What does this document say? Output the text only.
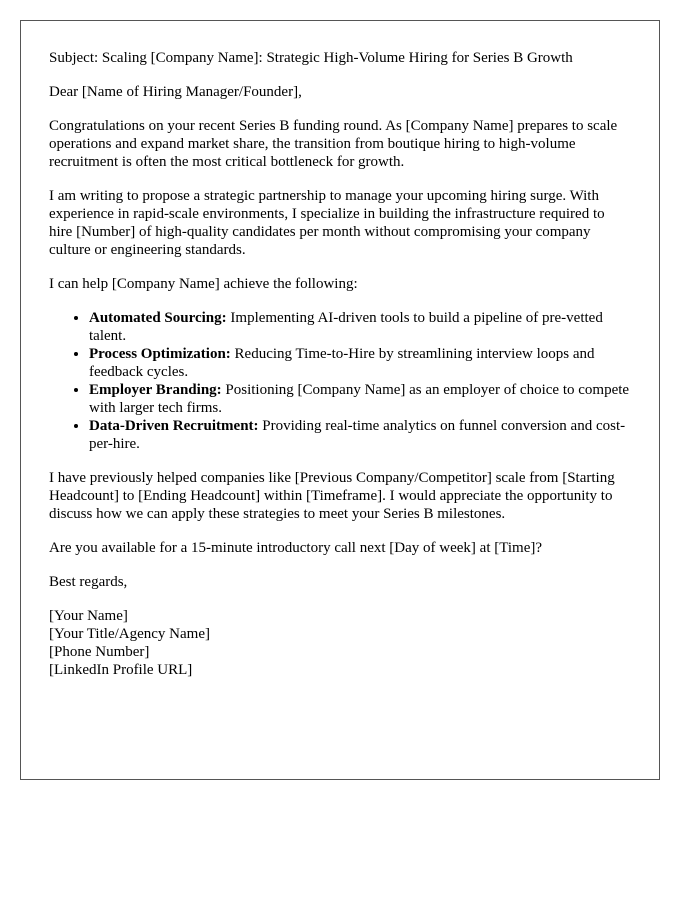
Subject: Scaling [Company Name]: Strategic High-Volume Hiring for Series B Growth

Dear [Name of Hiring Manager/Founder],

Congratulations on your recent Series B funding round. As [Company Name] prepares to scale operations and expand market share, the transition from boutique hiring to high-volume recruitment is often the most critical bottleneck for growth.

I am writing to propose a strategic partnership to manage your upcoming hiring surge. With experience in rapid-scale environments, I specialize in building the infrastructure required to hire [Number] of high-quality candidates per month without compromising your company culture or engineering standards.

I can help [Company Name] achieve the following:

• Automated Sourcing: Implementing AI-driven tools to build a pipeline of pre-vetted talent.
• Process Optimization: Reducing Time-to-Hire by streamlining interview loops and feedback cycles.
• Employer Branding: Positioning [Company Name] as an employer of choice to compete with larger tech firms.
• Data-Driven Recruitment: Providing real-time analytics on funnel conversion and cost-per-hire.

I have previously helped companies like [Previous Company/Competitor] scale from [Starting Headcount] to [Ending Headcount] within [Timeframe]. I would appreciate the opportunity to discuss how we can apply these strategies to meet your Series B milestones.

Are you available for a 15-minute introductory call next [Day of week] at [Time]?

Best regards,

[Your Name]

[Your Title/Agency Name]

[Phone Number]

[LinkedIn Profile URL]
